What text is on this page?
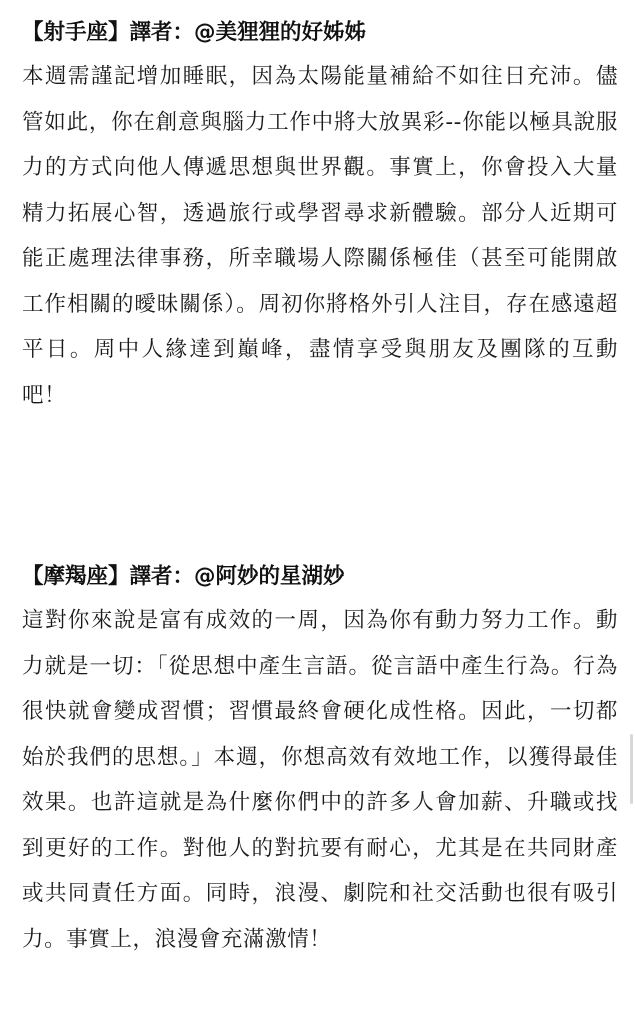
【射手座】譯者：@美狸狸的好姊姊
本週需謹記增加睡眠，因為太陽能量補給不如往日充沛。儘管如此，你在創意與腦力工作中將大放異彩--你能以極具說服力的方式向他人傳遞思想與世界觀。事實上，你會投入大量精力拓展心智，透過旅行或學習尋求新體驗。部分人近期可能正處理法律事務，所幸職場人際關係極佳（甚至可能開啟工作相關的曖昧關係）。周初你將格外引人注目，存在感遠超平日。周中人緣達到巔峰，盡情享受與朋友及團隊的互動吧！
【摩羯座】譯者：@阿妙的星湖妙
這對你來說是富有成效的一周，因為你有動力努力工作。動力就是一切：「從思想中產生言語。從言語中產生行為。行為很快就會變成習慣；習慣最終會硬化成性格。因此，一切都始於我們的思想。」本週，你想高效有效地工作，以獲得最佳效果。也許這就是為什麼你們中的許多人會加薪、升職或找到更好的工作。對他人的對抗要有耐心，尤其是在共同財產或共同責任方面。同時，浪漫、劇院和社交活動也很有吸引力。事實上，浪漫會充滿激情！
